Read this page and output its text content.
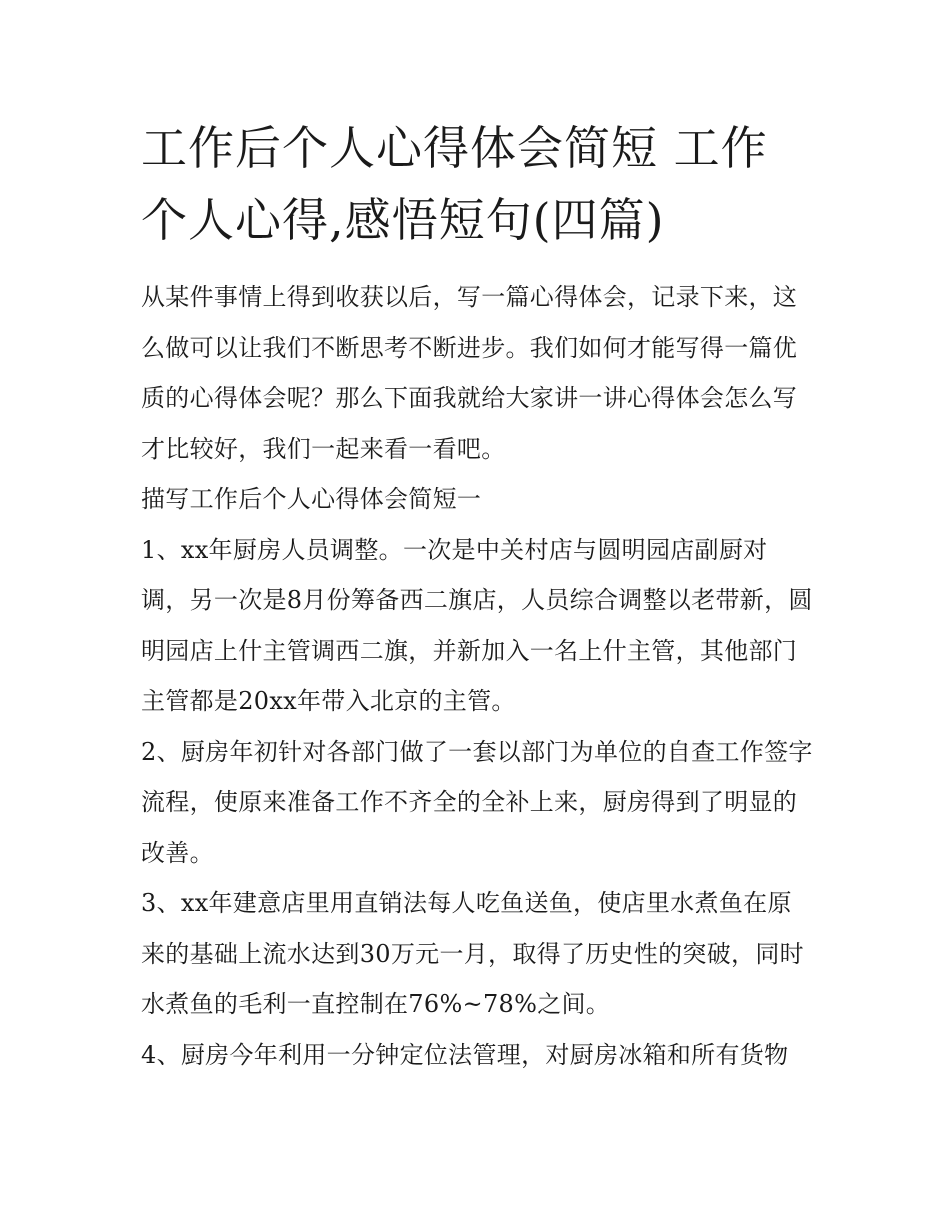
工作后个人心得体会简短 工作个人心得,感悟短句(四篇)

从某件事情上得到收获以后，写一篇心得体会，记录下来，这么做可以让我们不断思考不断进步。我们如何才能写得一篇优质的心得体会呢？那么下面我就给大家讲一讲心得体会怎么写才比较好，我们一起来看一看吧。

描写工作后个人心得体会简短一

1、xx年厨房人员调整。一次是中关村店与圆明园店副厨对调，另一次是8月份筹备西二旗店，人员综合调整以老带新，圆明园店上什主管调西二旗，并新加入一名上什主管，其他部门主管都是20xx年带入北京的主管。

2、厨房年初针对各部门做了一套以部门为单位的自查工作签字流程，使原来准备工作不齐全的全补上来，厨房得到了明显的改善。

3、xx年建意店里用直销法每人吃鱼送鱼，使店里水煮鱼在原来的基础上流水达到30万元一月，取得了历史性的突破，同时水煮鱼的毛利一直控制在76%~78%之间。

4、厨房今年利用一分钟定位法管理，对厨房冰箱和所有货物
